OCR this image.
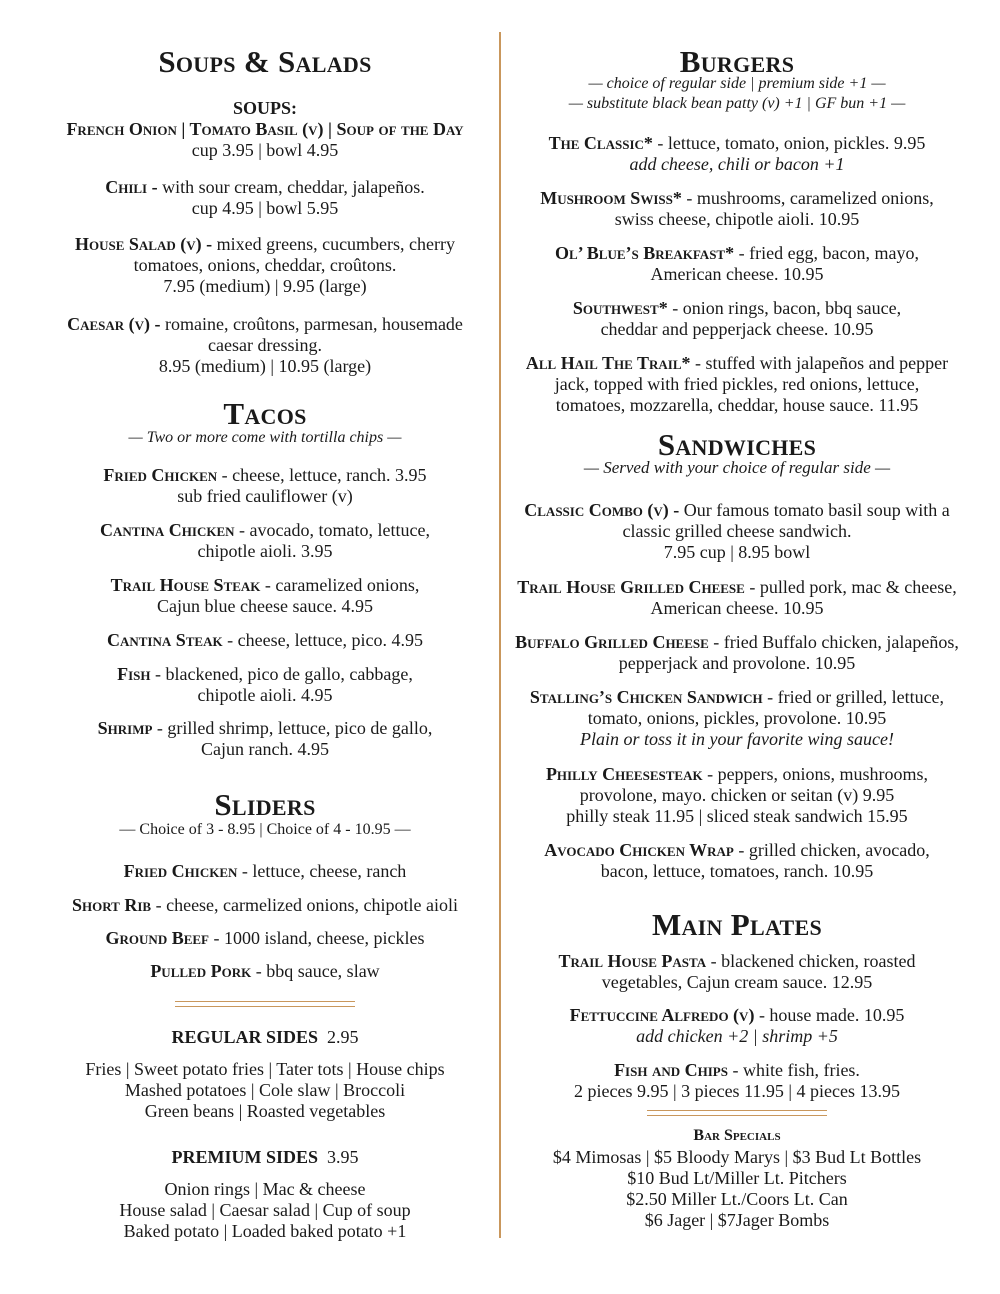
Soups & Salads
SOUPS:
French Onion | Tomato Basil (v) | Soup of the Day
cup 3.95 | bowl 4.95
Chili - with sour cream, cheddar, jalapeños.
cup 4.95 | bowl 5.95
House Salad (v) - mixed greens, cucumbers, cherry
tomatoes, onions, cheddar, croûtons.
7.95 (medium) | 9.95 (large)
Caesar (v) - romaine, croûtons, parmesan, housemade
caesar dressing.
8.95 (medium) | 10.95 (large)
Tacos
— Two or more come with tortilla chips —
Fried Chicken - cheese, lettuce, ranch. 3.95
sub fried cauliflower (v)
Cantina Chicken - avocado, tomato, lettuce,
chipotle aioli. 3.95
Trail House Steak - caramelized onions,
Cajun blue cheese sauce. 4.95
Cantina Steak - cheese, lettuce, pico. 4.95
Fish - blackened, pico de gallo, cabbage,
chipotle aioli. 4.95
Shrimp - grilled shrimp, lettuce, pico de gallo,
Cajun ranch. 4.95
Sliders
— Choice of 3 - 8.95 | Choice of 4 - 10.95 —
Fried Chicken - lettuce, cheese, ranch
Short Rib - cheese, carmelized onions, chipotle aioli
Ground Beef - 1000 island, cheese, pickles
Pulled Pork - bbq sauce, slaw
REGULAR SIDES 2.95
Fries | Sweet potato fries | Tater tots | House chips
Mashed potatoes | Cole slaw | Broccoli
Green beans | Roasted vegetables
PREMIUM SIDES 3.95
Onion rings | Mac & cheese
House salad | Caesar salad | Cup of soup
Baked potato | Loaded baked potato +1
Burgers
— choice of regular side | premium side +1 —
— substitute black bean patty (v) +1 | GF bun +1 —
The Classic* - lettuce, tomato, onion, pickles. 9.95
add cheese, chili or bacon +1
Mushroom Swiss* - mushrooms, caramelized onions,
swiss cheese, chipotle aioli. 10.95
Ol’ Blue’s Breakfast* - fried egg, bacon, mayo,
American cheese. 10.95
Southwest* - onion rings, bacon, bbq sauce,
cheddar and pepperjack cheese. 10.95
All Hail The Trail* - stuffed with jalapeños and pepper
jack, topped with fried pickles, red onions, lettuce,
tomatoes, mozzarella, cheddar, house sauce. 11.95
Sandwiches
— Served with your choice of regular side —
Classic Combo (v) - Our famous tomato basil soup with a
classic grilled cheese sandwich.
7.95 cup | 8.95 bowl
Trail House Grilled Cheese - pulled pork, mac & cheese,
American cheese. 10.95
Buffalo Grilled Cheese - fried Buffalo chicken, jalapeños,
pepperjack and provolone. 10.95
Stalling’s Chicken Sandwich - fried or grilled, lettuce,
tomato, onions, pickles, provolone. 10.95
Plain or toss it in your favorite wing sauce!
Philly Cheesesteak - peppers, onions, mushrooms,
provolone, mayo. chicken or seitan (v) 9.95
philly steak 11.95 | sliced steak sandwich 15.95
Avocado Chicken Wrap - grilled chicken, avocado,
bacon, lettuce, tomatoes, ranch. 10.95
Main Plates
Trail House Pasta - blackened chicken, roasted
vegetables, Cajun cream sauce. 12.95
Fettuccine Alfredo (v) - house made. 10.95
add chicken +2 | shrimp +5
Fish and Chips - white fish, fries.
2 pieces 9.95 | 3 pieces 11.95 | 4 pieces 13.95
Bar Specials
$4 Mimosas | $5 Bloody Marys | $3 Bud Lt Bottles
$10 Bud Lt/Miller Lt. Pitchers
$2.50 Miller Lt./Coors Lt. Can
$6 Jager | $7Jager Bombs
